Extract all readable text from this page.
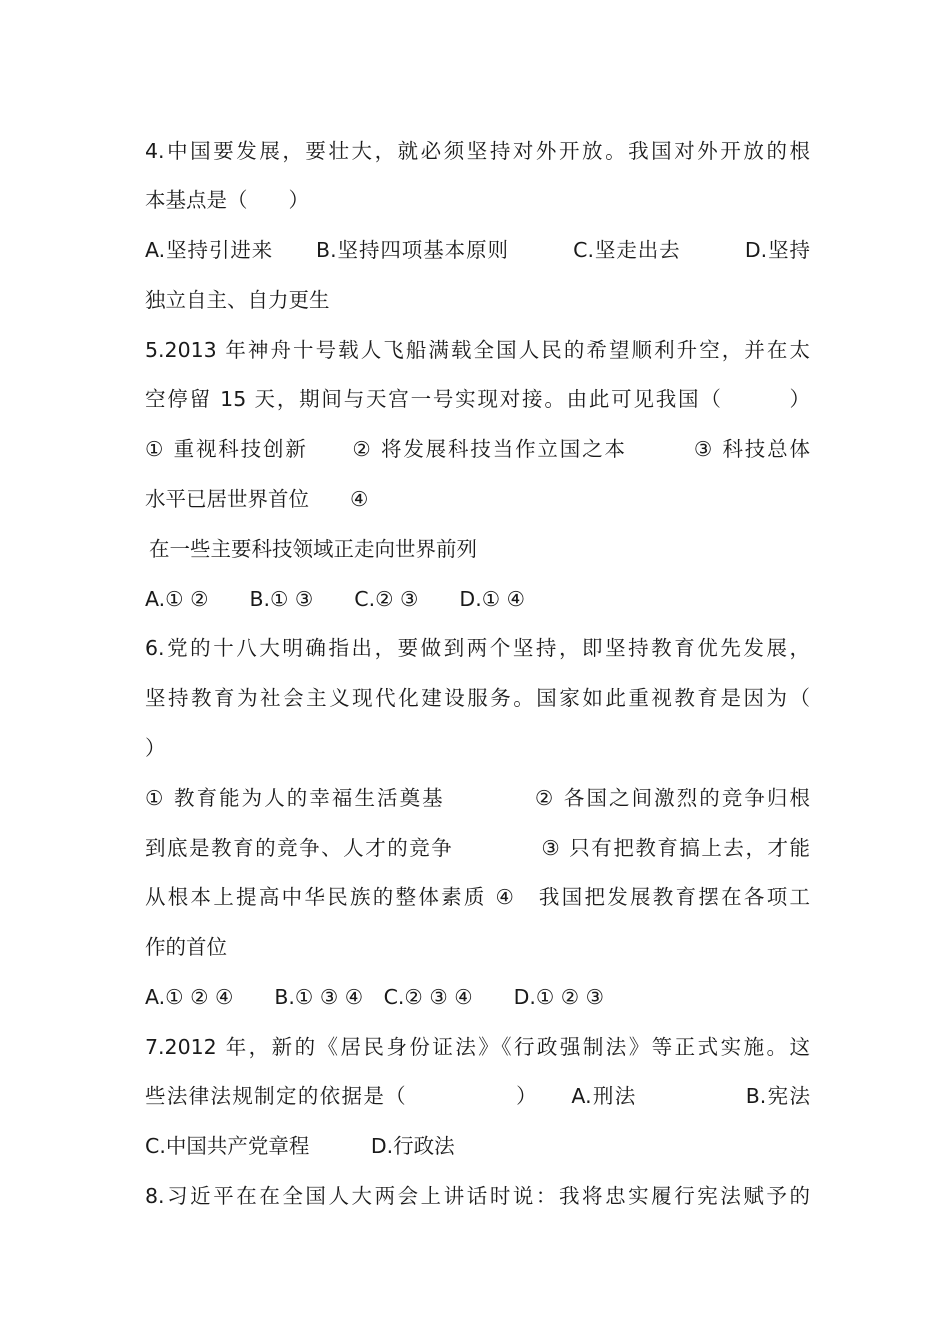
4.中国要发展，要壮大，就必须坚持对外开放。我国对外开放的根
本基点是（　　）
A.坚持引进来　　B.坚持四项基本原则　　　C.坚走出去　　　D.坚持
独立自主、自力更生
5.2013 年神舟十号载人飞船满载全国人民的希望顺利升空，并在太
空停留 15 天，期间与天宫一号实现对接。由此可见我国（　　　）
① 重视科技创新　　② 将发展科技当作立国之本　　　③ 科技总体
水平已居世界首位　　④
在一些主要科技领域正走向世界前列
A.① ②　　B.① ③　　C.② ③　　D.① ④
6.党的十八大明确指出，要做到两个坚持，即坚持教育优先发展，
坚持教育为社会主义现代化建设服务。国家如此重视教育是因为（
）
① 教育能为人的幸福生活奠基　　　　② 各国之间激烈的竞争归根
到底是教育的竞争、人才的竞争　　　　③ 只有把教育搞上去，才能
从根本上提高中华民族的整体素质 ④　我国把发展教育摆在各项工
作的首位
A.① ② ④　　B.① ③ ④　C.② ③ ④　　D.① ② ③
7.2012 年，新的《居民身份证法》《行政强制法》等正式实施。这
些法律法规制定的依据是（　　　　　）　　A.刑法　　　　　B.宪法
C.中国共产党章程　　　D.行政法
8.习近平在在全国人大两会上讲话时说：我将忠实履行宪法赋予的
